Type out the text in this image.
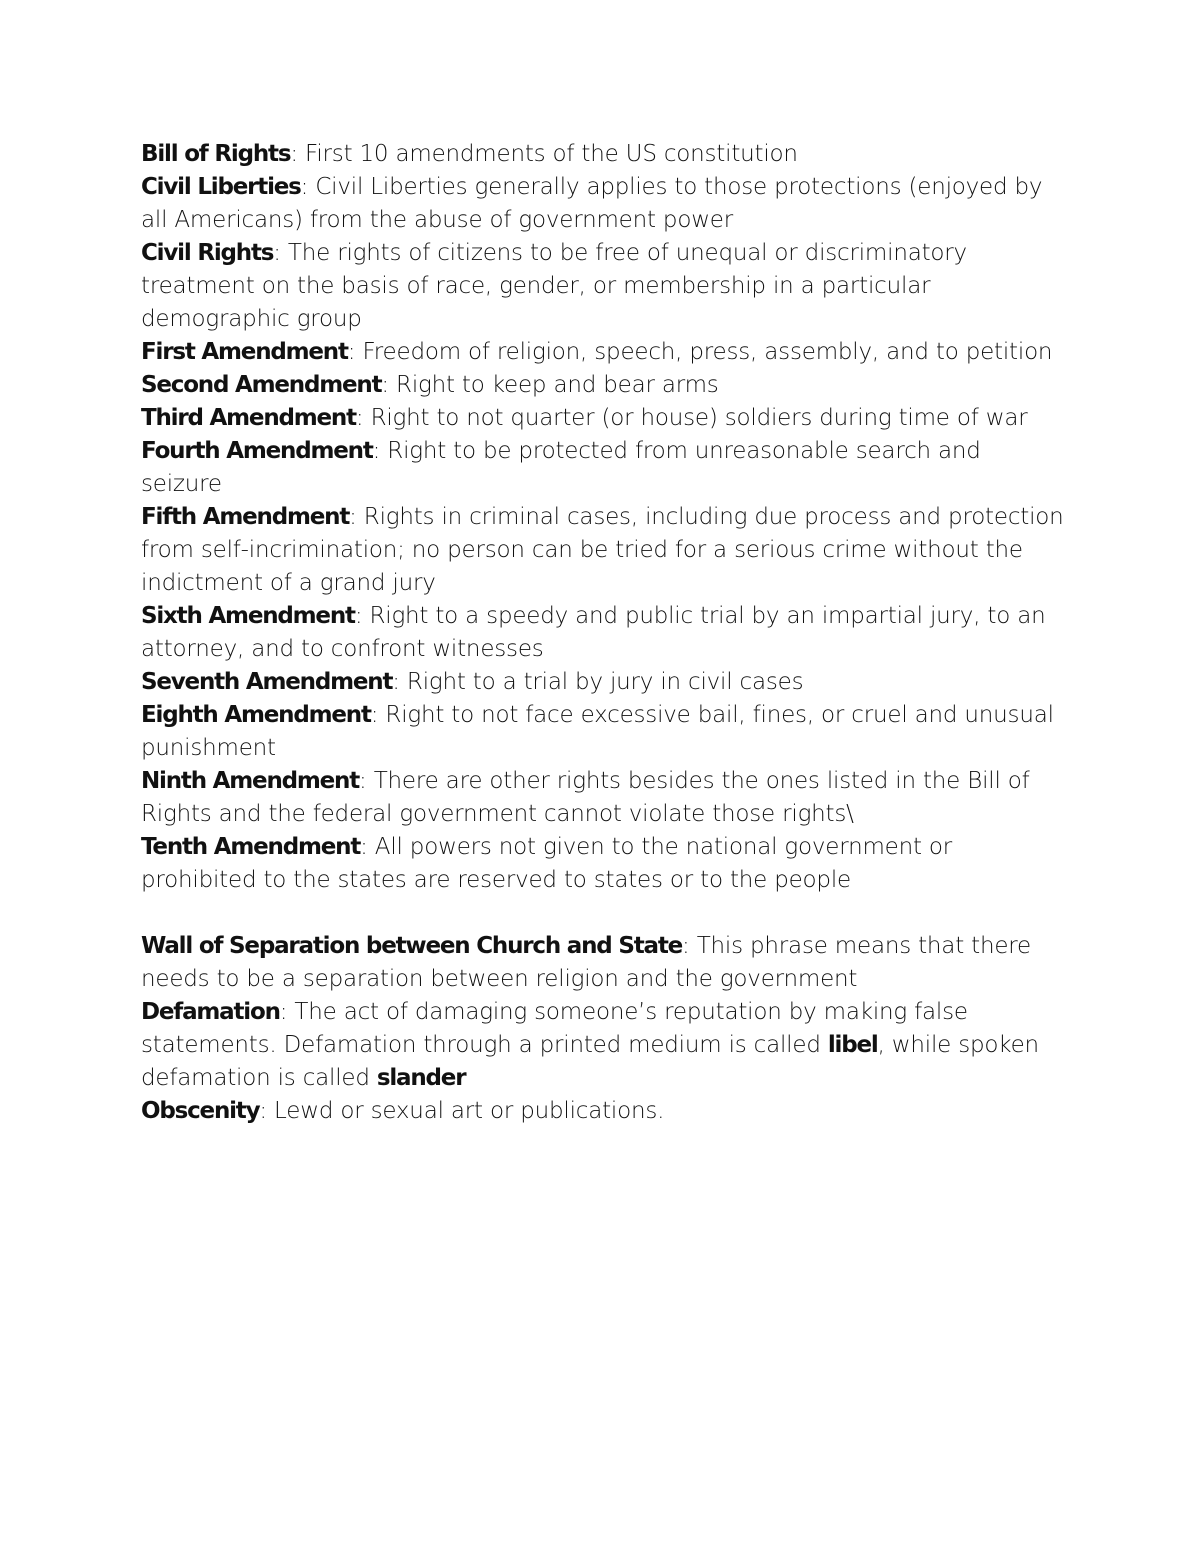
Bill of Rights: First 10 amendments of the US constitution
Civil Liberties: Civil Liberties generally applies to those protections (enjoyed by all Americans) from the abuse of government power
Civil Rights: The rights of citizens to be free of unequal or discriminatory treatment on the basis of race, gender, or membership in a particular demographic group
First Amendment: Freedom of religion, speech, press, assembly, and to petition
Second Amendment: Right to keep and bear arms
Third Amendment: Right to not quarter (or house) soldiers during time of war
Fourth Amendment: Right to be protected from unreasonable search and seizure
Fifth Amendment: Rights in criminal cases, including due process and protection from self-incrimination; no person can be tried for a serious crime without the indictment of a grand jury
Sixth Amendment: Right to a speedy and public trial by an impartial jury, to an attorney, and to confront witnesses
Seventh Amendment: Right to a trial by jury in civil cases
Eighth Amendment: Right to not face excessive bail, fines, or cruel and unusual punishment
Ninth Amendment: There are other rights besides the ones listed in the Bill of Rights and the federal government cannot violate those rights\
Tenth Amendment: All powers not given to the national government or prohibited to the states are reserved to states or to the people
Wall of Separation between Church and State: This phrase means that there needs to be a separation between religion and the government
Defamation: The act of damaging someone’s reputation by making false statements. Defamation through a printed medium is called libel, while spoken defamation is called slander
Obscenity: Lewd or sexual art or publications.
